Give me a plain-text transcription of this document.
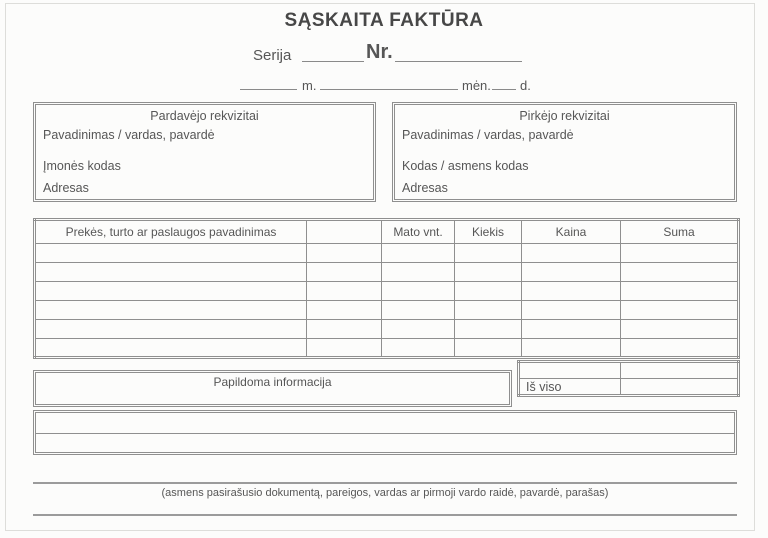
SĄSKAITA FAKTŪRA
Serija	Nr.
m.	mėn. d.
Pardavėjo rekvizitai
Pavadinimas / vardas, pavardė
Įmonės kodas
Adresas
Pirkėjo rekvizitai
Pavadinimas / vardas, pavardė
Kodas / asmens kodas
Adresas
Prekės, turto ar paslaugos pavadinimas		Mato vnt.	Kiekis	Kaina	Suma

Iš viso	
Papildoma informacija
(asmens pasirašusio dokumentą, pareigos, vardas ar pirmoji vardo raidė, pavardė, parašas)
